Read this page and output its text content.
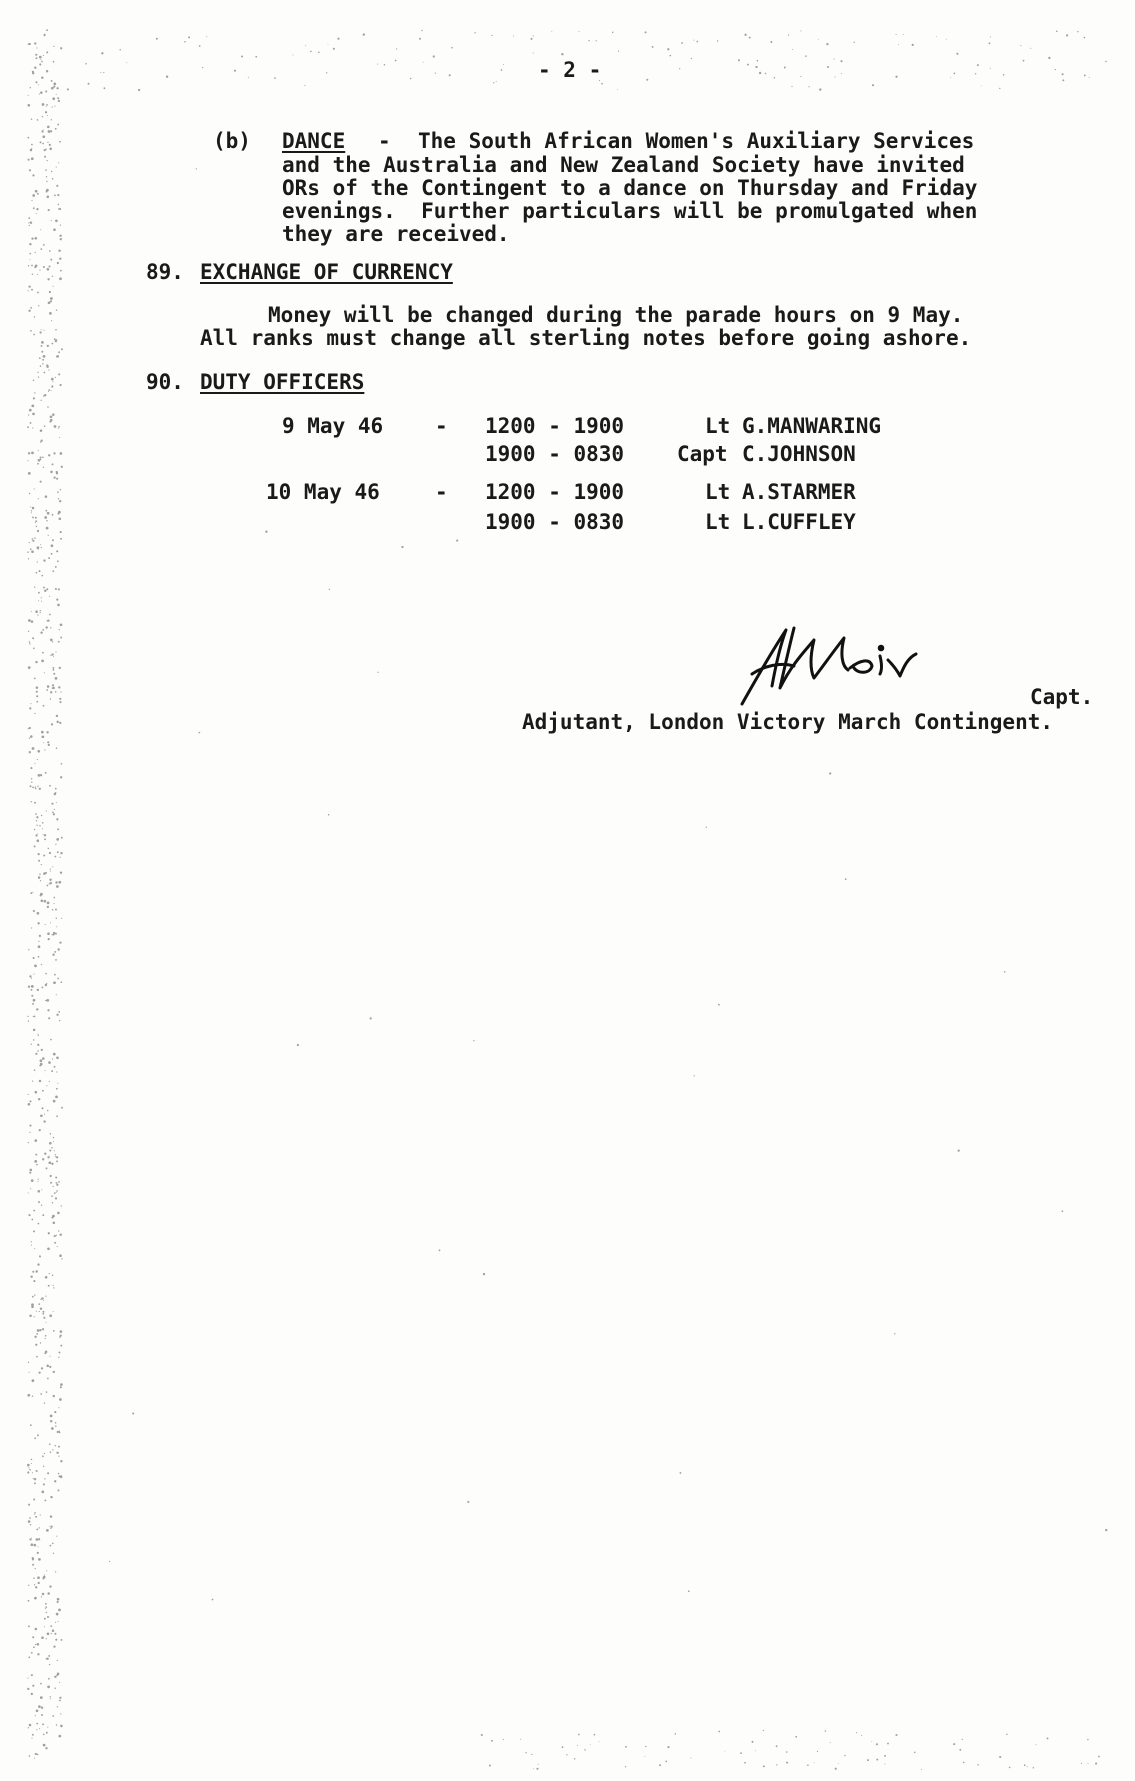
- 2 -
(b) DANCE - The South African Women's Auxiliary Services
and the Australia and New Zealand Society have invited
ORs of the Contingent to a dance on Thursday and Friday
evenings.  Further particulars will be promulgated when
they are received.
89. EXCHANGE OF CURRENCY
Money will be changed during the parade hours on 9 May.
All ranks must change all sterling notes before going ashore.
90. DUTY OFFICERS
9 May 46 - 1200 - 1900	Lt G.MANWARING
1900 - 0830	Capt C.JOHNSON
10 May 46	- 1200 - 1900	Lt A.STARMER
1900 - 0830	Lt L.CUFFLEY
Capt.
Adjutant, London Victory March Contingent.
